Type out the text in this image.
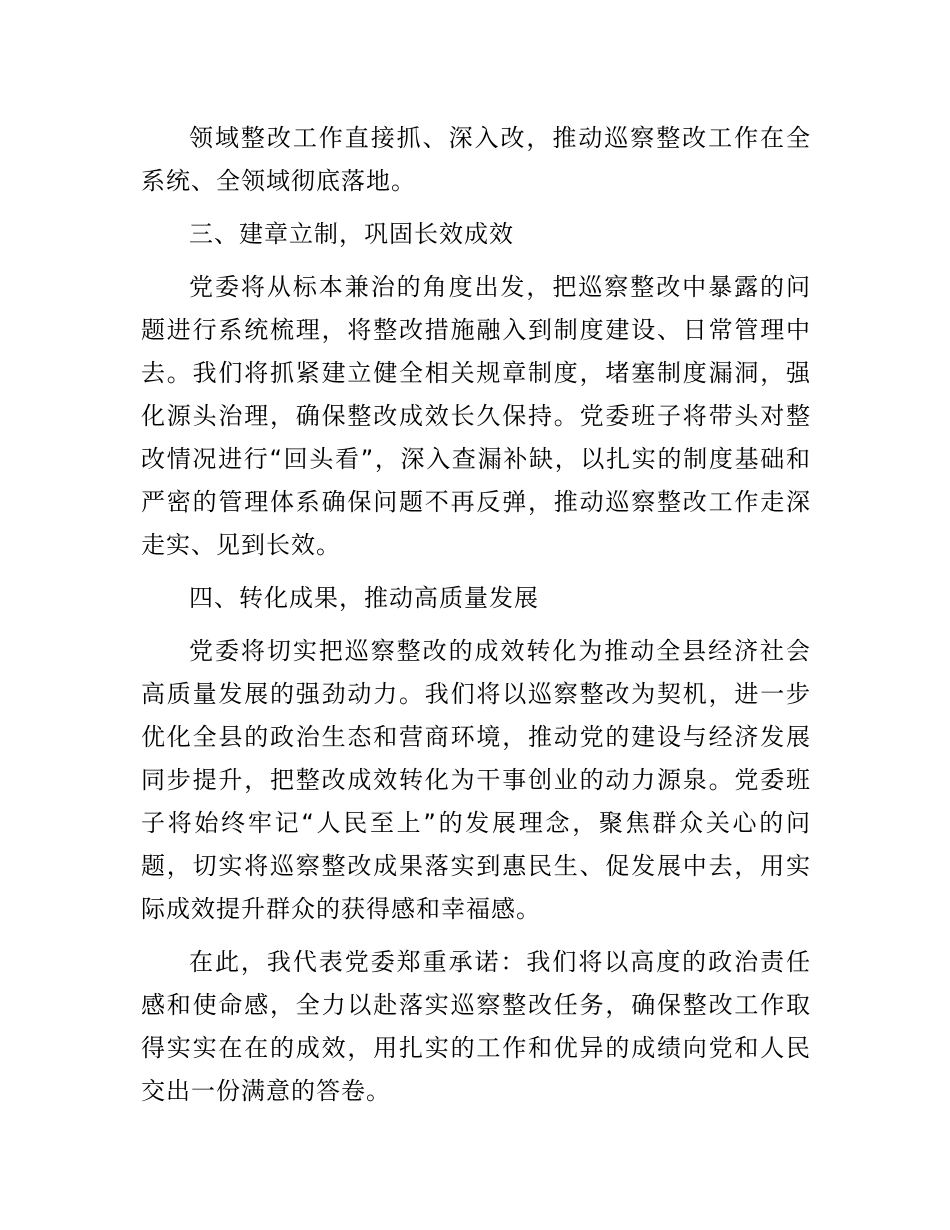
领域整改工作直接抓、深入改，推动巡察整改工作在全系统、全领域彻底落地。

三、建章立制，巩固长效成效

党委将从标本兼治的角度出发，把巡察整改中暴露的问题进行系统梳理，将整改措施融入到制度建设、日常管理中去。我们将抓紧建立健全相关规章制度，堵塞制度漏洞，强化源头治理，确保整改成效长久保持。党委班子将带头对整改情况进行“回头看”，深入查漏补缺，以扎实的制度基础和严密的管理体系确保问题不再反弹，推动巡察整改工作走深走实、见到长效。

四、转化成果，推动高质量发展

党委将切实把巡察整改的成效转化为推动全县经济社会高质量发展的强劲动力。我们将以巡察整改为契机，进一步优化全县的政治生态和营商环境，推动党的建设与经济发展同步提升，把整改成效转化为干事创业的动力源泉。党委班子将始终牢记“人民至上”的发展理念，聚焦群众关心的问题，切实将巡察整改成果落实到惠民生、促发展中去，用实际成效提升群众的获得感和幸福感。

在此，我代表党委郑重承诺：我们将以高度的政治责任感和使命感，全力以赴落实巡察整改任务，确保整改工作取得实实在在的成效，用扎实的工作和优异的成绩向党和人民交出一份满意的答卷。
